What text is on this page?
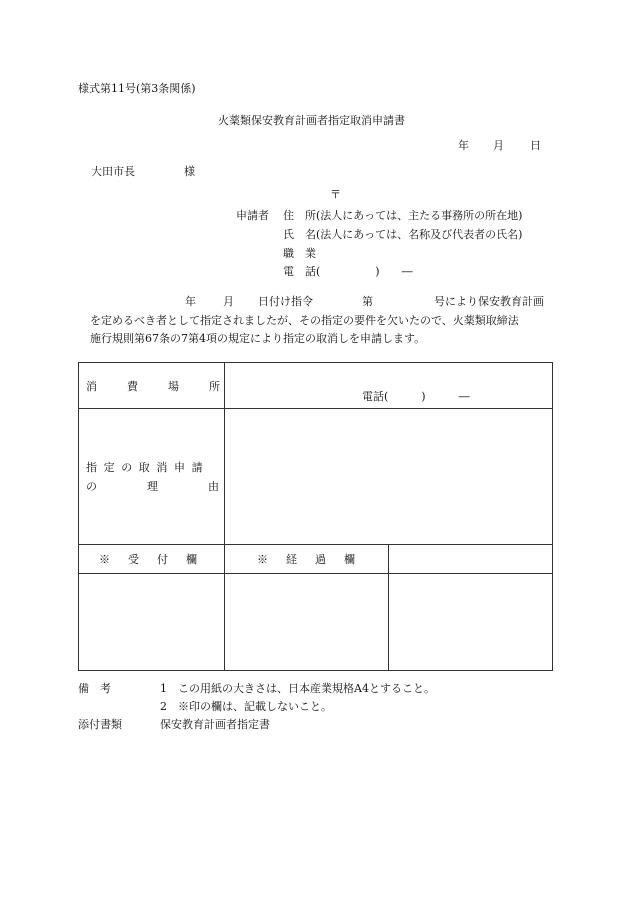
様式第11号(第3条関係)
火薬類保安教育計画者指定取消申請書
年 月 日
大田市長	様
〒
申請者 住　所(法人にあっては、主たる事務所の所在地)
氏　名(法人にあっては、名称及び代表者の氏名)
職　業
電　話(　　　　　)　　―
年 月 日付け指令	第	号により保安教育計画
を定めるべき者として指定されましたが、その指定の要件を欠いたので、火薬類取締法
施行規則第67条の7第4項の規定により指定の取消しを申請します。
消 費 場 所	電話(　　　)　　　―	

指定の取消申請
の理由		

※受付欄	※経過欄	

備　考	1　この用紙の大きさは、日本産業規格A4とすること。
2　※印の欄は、記載しないこと。
添付書類	保安教育計画者指定書
